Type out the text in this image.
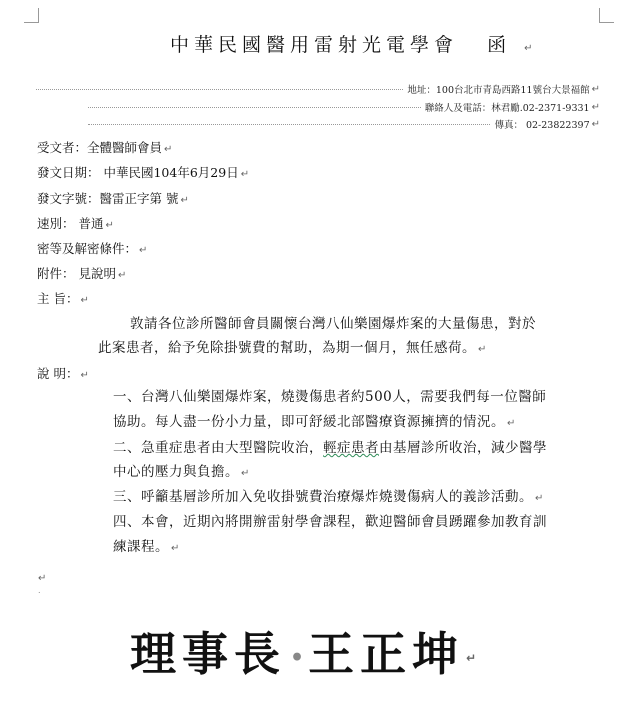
中華民國醫用雷射光電學會 函 ↵
地址：100台北市青島西路11號台大景福館 ↵
聯絡人及電話：林君勵.02-2371-9331 ↵
傳真： 02-23822397 ↵
受文者：全體醫師會員 ↵
發文日期： 中華民國104年6月29日 ↵
發文字號：醫雷正字第 號 ↵
速別： 普通 ↵
密等及解密條件： ↵
附件： 見說明 ↵
主 旨： ↵
敦請各位診所醫師會員關懷台灣八仙樂園爆炸案的大量傷患，對於
此案患者，給予免除掛號費的幫助，為期一個月，無任感荷。 ↵
說 明： ↵
一、台灣八仙樂園爆炸案，燒燙傷患者約500人，需要我們每一位醫師
協助。每人盡一份小力量，即可舒緩北部醫療資源擁擠的情況。 ↵
二、急重症患者由大型醫院收治，輕症患者由基層診所收治，減少醫學
中心的壓力與負擔。 ↵
三、呼籲基層診所加入免收掛號費治療爆炸燒燙傷病人的義診活動。 ↵
四、本會，近期內將開辦雷射學會課程，歡迎醫師會員踴躍參加教育訓
練課程。 ↵
↵
.
理事長 •王正坤 ↵
